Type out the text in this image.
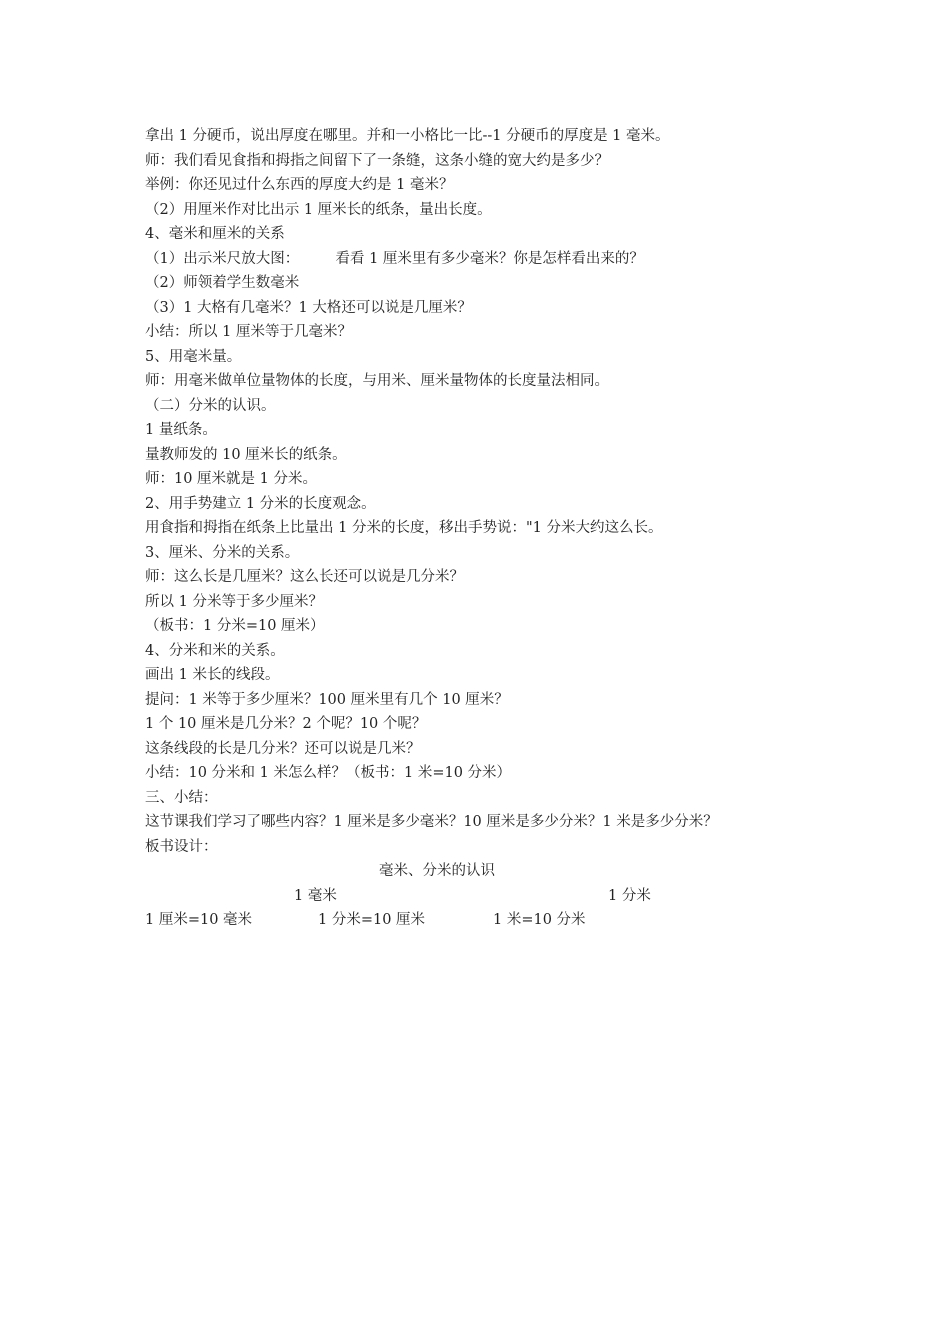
拿出 1 分硬币，说出厚度在哪里。并和一小格比一比--1 分硬币的厚度是 1 毫米。
师：我们看见食指和拇指之间留下了一条缝，这条小缝的宽大约是多少？
举例：你还见过什么东西的厚度大约是 1 毫米？
（2）用厘米作对比出示 1 厘米长的纸条，量出长度。
4、毫米和厘米的关系
（1）出示米尺放大图：　　　看看 1 厘米里有多少毫米？你是怎样看出来的？
（2）师领着学生数毫米
（3）1 大格有几毫米？1 大格还可以说是几厘米？
小结：所以 1 厘米等于几毫米？
5、用毫米量。
师：用毫米做单位量物体的长度，与用米、厘米量物体的长度量法相同。
（二）分米的认识。
1 量纸条。
量教师发的 10 厘米长的纸条。
师：10 厘米就是 1 分米。
2、用手势建立 1 分米的长度观念。
用食指和拇指在纸条上比量出 1 分米的长度，移出手势说："1 分米大约这么长。
3、厘米、分米的关系。
师：这么长是几厘米？这么长还可以说是几分米？
所以 1 分米等于多少厘米？
（板书：1 分米=10 厘米）
4、分米和米的关系。
画出 1 米长的线段。
提问：1 米等于多少厘米？100 厘米里有几个 10 厘米？
1 个 10 厘米是几分米？2 个呢？10 个呢？
这条线段的长是几分米？还可以说是几米？
小结：10 分米和 1 米怎么样？（板书：1 米=10 分米）
三、小结：
这节课我们学习了哪些内容？1 厘米是多少毫米？10 厘米是多少分米？1 米是多少分米？
板书设计：
毫米、分米的认识
1 毫米	1 分米
1 厘米=10 毫米	1 分米=10 厘米	1 米=10 分米
